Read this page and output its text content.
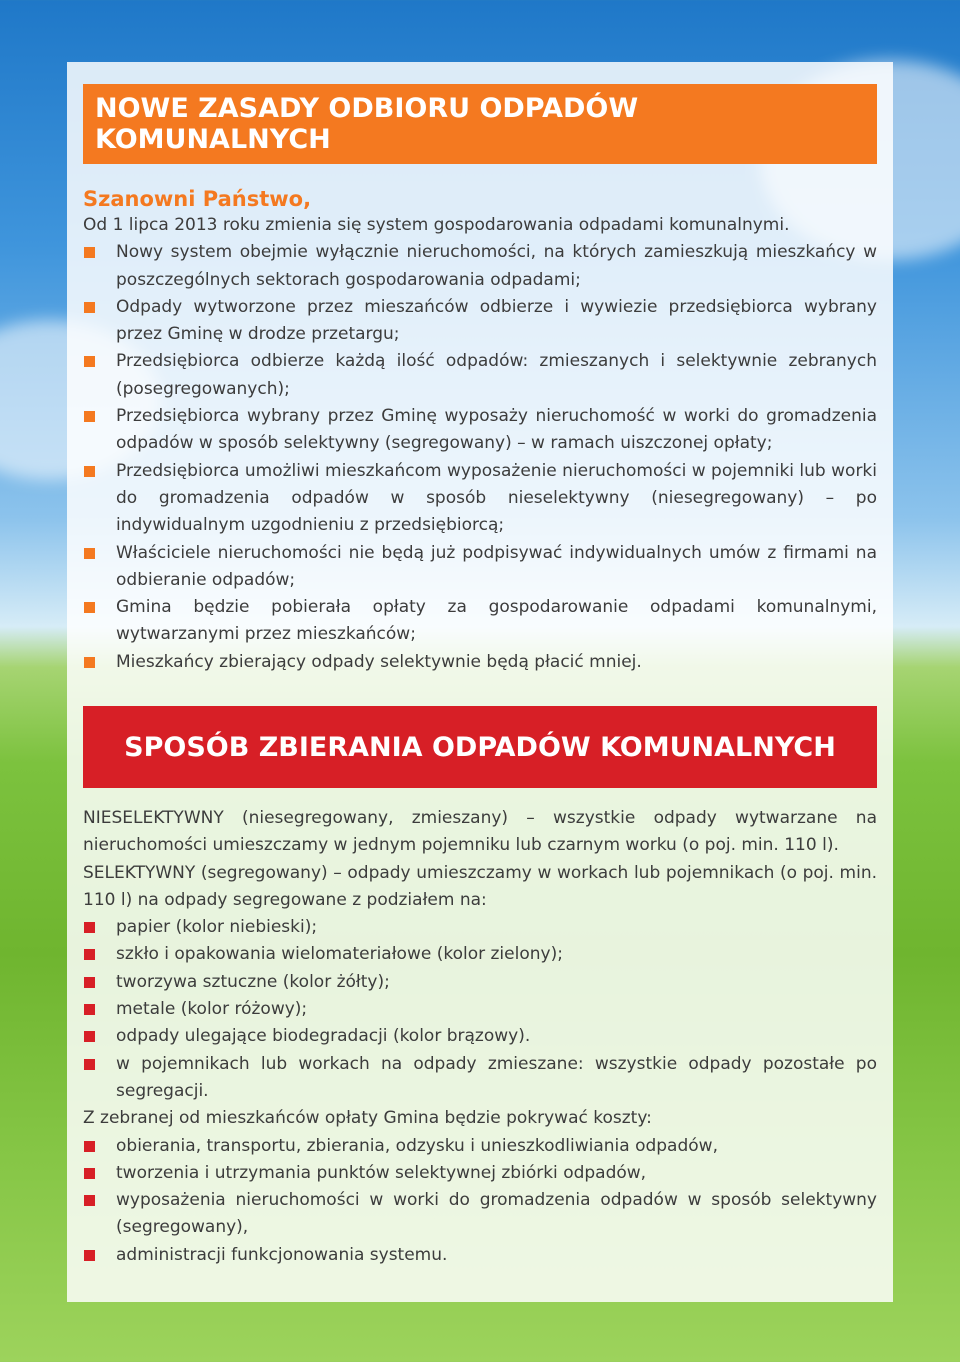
NOWE ZASADY ODBIORU ODPADÓW KOMUNALNYCH

Szanowni Państwo,

Od 1 lipca 2013 roku zmienia się system gospodarowania odpadami komunalnymi.

Nowy system obejmie wyłącznie nieruchomości, na których zamieszkują mieszkańcy w poszczególnych sektorach gospodarowania odpadami;
Odpady wytworzone przez mieszańców odbierze i wywiezie przedsiębiorca wybrany przez Gminę w drodze przetargu;
Przedsiębiorca odbierze każdą ilość odpadów: zmieszanych i selektywnie zebranych (posegregowanych);
Przedsiębiorca wybrany przez Gminę wyposaży nieruchomość w worki do gromadzenia odpadów w sposób selektywny (segregowany) – w ramach uiszczonej opłaty;
Przedsiębiorca umożliwi mieszkańcom wyposażenie nieruchomości w pojemniki lub worki do gromadzenia odpadów w sposób nieselektywny (niesegregowany) – po indywidualnym uzgodnieniu z przedsiębiorcą;
Właściciele nieruchomości nie będą już podpisywać indywidualnych umów z firmami na odbieranie odpadów;
Gmina będzie pobierała opłaty za gospodarowanie odpadami komunalnymi, wytwarzanymi przez mieszkańców;
Mieszkańcy zbierający odpady selektywnie będą płacić mniej.
SPOSÓB ZBIERANIA ODPADÓW KOMUNALNYCH

NIESELEKTYWNY (niesegregowany, zmieszany) – wszystkie odpady wytwarzane na nieruchomości umieszczamy w jednym pojemniku lub czarnym worku (o poj. min. 110 l).

SELEKTYWNY (segregowany) – odpady umieszczamy w workach lub pojemnikach (o poj. min. 110 l) na odpady segregowane z podziałem na:

papier (kolor niebieski);
szkło i opakowania wielomateriałowe (kolor zielony);
tworzywa sztuczne (kolor żółty);
metale (kolor różowy);
odpady ulegające biodegradacji (kolor brązowy).
w pojemnikach lub workach na odpady zmieszane: wszystkie odpady pozostałe po segregacji.

Z zebranej od mieszkańców opłaty Gmina będzie pokrywać koszty:

obierania, transportu, zbierania, odzysku i unieszkodliwiania odpadów,
tworzenia i utrzymania punktów selektywnej zbiórki odpadów,
wyposażenia nieruchomości w worki do gromadzenia odpadów w sposób selektywny (segregowany),
administracji funkcjonowania systemu.
